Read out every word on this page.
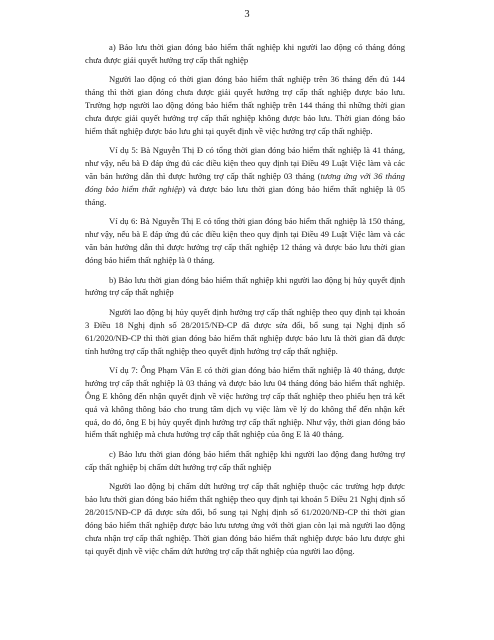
3

a) Bảo lưu thời gian đóng bảo hiểm thất nghiệp khi người lao động có tháng đóng chưa được giải quyết hưởng trợ cấp thất nghiệp

Người lao động có thời gian đóng bảo hiểm thất nghiệp trên 36 tháng đến đủ 144 tháng thì thời gian đóng chưa được giải quyết hưởng trợ cấp thất nghiệp được bảo lưu. Trường hợp người lao động đóng bảo hiểm thất nghiệp trên 144 tháng thì những thời gian chưa được giải quyết hưởng trợ cấp thất nghiệp không được bảo lưu. Thời gian đóng bảo hiểm thất nghiệp được bảo lưu ghi tại quyết định về việc hưởng trợ cấp thất nghiệp.

Ví dụ 5: Bà Nguyễn Thị Đ có tổng thời gian đóng bảo hiểm thất nghiệp là 41 tháng, như vậy, nếu bà Đ đáp ứng đủ các điều kiện theo quy định tại Điều 49 Luật Việc làm và các văn bản hướng dẫn thì được hưởng trợ cấp thất nghiệp 03 tháng (tương ứng với 36 tháng đóng bảo hiểm thất nghiệp) và được bảo lưu thời gian đóng bảo hiểm thất nghiệp là 05 tháng.

Ví dụ 6: Bà Nguyễn Thị E có tổng thời gian đóng bảo hiểm thất nghiệp là 150 tháng, như vậy, nếu bà E đáp ứng đủ các điều kiện theo quy định tại Điều 49 Luật Việc làm và các văn bản hướng dẫn thì được hưởng trợ cấp thất nghiệp 12 tháng và được bảo lưu thời gian đóng bảo hiểm thất nghiệp là 0 tháng.

b) Bảo lưu thời gian đóng bảo hiểm thất nghiệp khi người lao động bị hủy quyết định hưởng trợ cấp thất nghiệp

Người lao động bị hủy quyết định hưởng trợ cấp thất nghiệp theo quy định tại khoản 3 Điều 18 Nghị định số 28/2015/NĐ-CP đã được sửa đổi, bổ sung tại Nghị định số 61/2020/NĐ-CP thì thời gian đóng bảo hiểm thất nghiệp được bảo lưu là thời gian đã được tính hưởng trợ cấp thất nghiệp theo quyết định hưởng trợ cấp thất nghiệp.

Ví dụ 7: Ông Phạm Văn E có thời gian đóng bảo hiểm thất nghiệp là 40 tháng, được hưởng trợ cấp thất nghiệp là 03 tháng và được bảo lưu 04 tháng đóng bảo hiểm thất nghiệp. Ông E không đến nhận quyết định về việc hưởng trợ cấp thất nghiệp theo phiếu hẹn trả kết quả và không thông báo cho trung tâm dịch vụ việc làm về lý do không thể đến nhận kết quả, do đó, ông E bị hủy quyết định hưởng trợ cấp thất nghiệp. Như vậy, thời gian đóng bảo hiểm thất nghiệp mà chưa hưởng trợ cấp thất nghiệp của ông E là 40 tháng.

c) Bảo lưu thời gian đóng bảo hiểm thất nghiệp khi người lao động đang hưởng trợ cấp thất nghiệp bị chấm dứt hưởng trợ cấp thất nghiệp

Người lao động bị chấm dứt hưởng trợ cấp thất nghiệp thuộc các trường hợp được bảo lưu thời gian đóng bảo hiểm thất nghiệp theo quy định tại khoản 5 Điều 21 Nghị định số 28/2015/NĐ-CP đã được sửa đổi, bổ sung tại Nghị định số 61/2020/NĐ-CP thì thời gian đóng bảo hiểm thất nghiệp được bảo lưu tương ứng với thời gian còn lại mà người lao động chưa nhận trợ cấp thất nghiệp. Thời gian đóng bảo hiểm thất nghiệp được bảo lưu được ghi tại quyết định về việc chấm dứt hưởng trợ cấp thất nghiệp của người lao động.
